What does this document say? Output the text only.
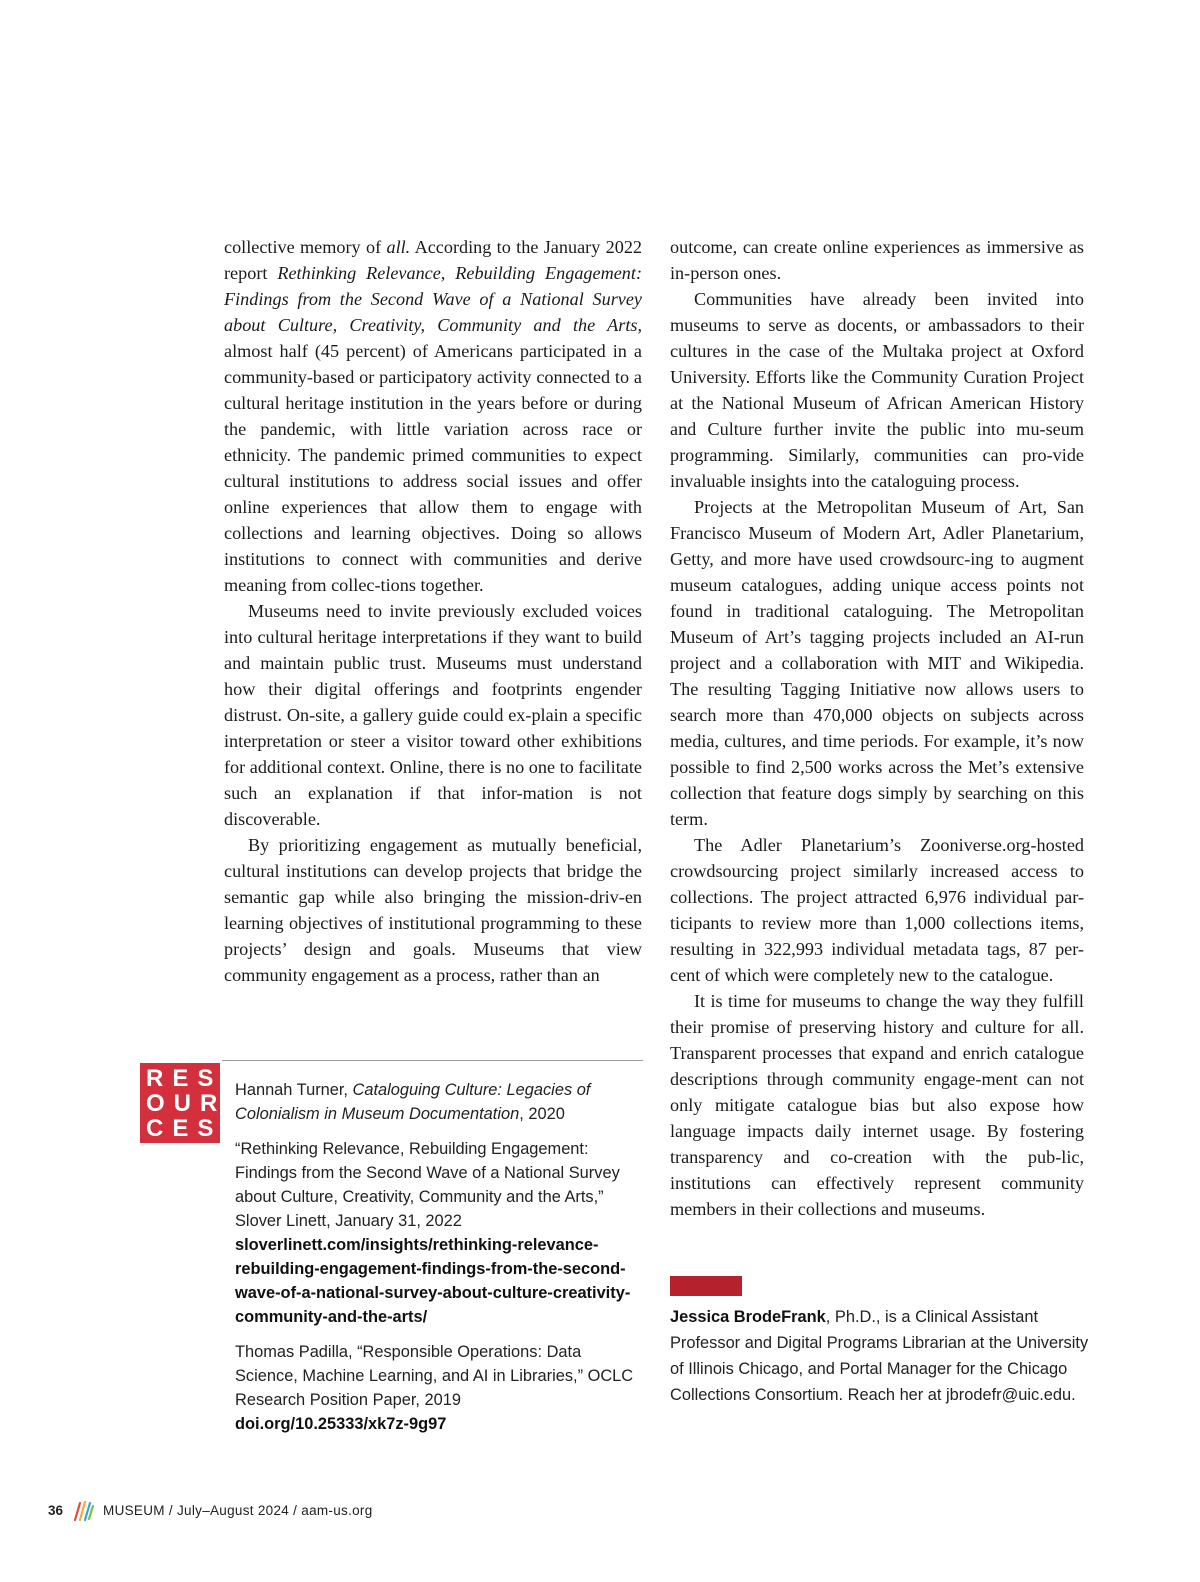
collective memory of all. According to the January 2022 report Rethinking Relevance, Rebuilding Engagement: Findings from the Second Wave of a National Survey about Culture, Creativity, Community and the Arts, almost half (45 percent) of Americans participated in a community-based or participatory activity connected to a cultural heritage institution in the years before or during the pandemic, with little variation across race or ethnicity. The pandemic primed communities to expect cultural institutions to address social issues and offer online experiences that allow them to engage with collections and learning objectives. Doing so allows institutions to connect with communities and derive meaning from collec-tions together.

Museums need to invite previously excluded voices into cultural heritage interpretations if they want to build and maintain public trust. Museums must understand how their digital offerings and footprints engender distrust. On-site, a gallery guide could ex-plain a specific interpretation or steer a visitor toward other exhibitions for additional context. Online, there is no one to facilitate such an explanation if that infor-mation is not discoverable.

By prioritizing engagement as mutually beneficial, cultural institutions can develop projects that bridge the semantic gap while also bringing the mission-driv-en learning objectives of institutional programming to these projects’ design and goals. Museums that view community engagement as a process, rather than an

outcome, can create online experiences as immersive as in-person ones.

Communities have already been invited into museums to serve as docents, or ambassadors to their cultures in the case of the Multaka project at Oxford University. Efforts like the Community Curation Project at the National Museum of African American History and Culture further invite the public into mu-seum programming. Similarly, communities can pro-vide invaluable insights into the cataloguing process.

Projects at the Metropolitan Museum of Art, San Francisco Museum of Modern Art, Adler Planetarium, Getty, and more have used crowdsourc-ing to augment museum catalogues, adding unique access points not found in traditional cataloguing. The Metropolitan Museum of Art’s tagging projects included an AI-run project and a collaboration with MIT and Wikipedia. The resulting Tagging Initiative now allows users to search more than 470,000 objects on subjects across media, cultures, and time periods. For example, it’s now possible to find 2,500 works across the Met’s extensive collection that feature dogs simply by searching on this term.

The Adler Planetarium’s Zooniverse.org-hosted crowdsourcing project similarly increased access to collections. The project attracted 6,976 individual par-ticipants to review more than 1,000 collections items, resulting in 322,993 individual metadata tags, 87 per-cent of which were completely new to the catalogue.

It is time for museums to change the way they fulfill their promise of preserving history and culture for all. Transparent processes that expand and enrich catalogue descriptions through community engage-ment can not only mitigate catalogue bias but also expose how language impacts daily internet usage. By fostering transparency and co-creation with the pub-lic, institutions can effectively represent community members in their collections and museums.

RES
OUR
CES

Hannah Turner, Cataloguing Culture: Legacies of Colonialism in Museum Documentation, 2020

“Rethinking Relevance, Rebuilding Engagement: Findings from the Second Wave of a National Survey about Culture, Creativity, Community and the Arts,” Slover Linett, January 31, 2022
sloverlinett.com/insights/rethinking-relevance-rebuilding-engagement-findings-from-the-second-wave-of-a-national-survey-about-culture-creativity-community-and-the-arts/

Thomas Padilla, “Responsible Operations: Data Science, Machine Learning, and AI in Libraries,” OCLC Research Position Paper, 2019
doi.org/10.25333/xk7z-9g97

Jessica BrodeFrank, Ph.D., is a Clinical Assistant Professor and Digital Programs Librarian at the University of Illinois Chicago, and Portal Manager for the Chicago Collections Consortium. Reach her at jbrodefr@uic.edu.
36	MUSEUM / July–August 2024 / aam-us.org
